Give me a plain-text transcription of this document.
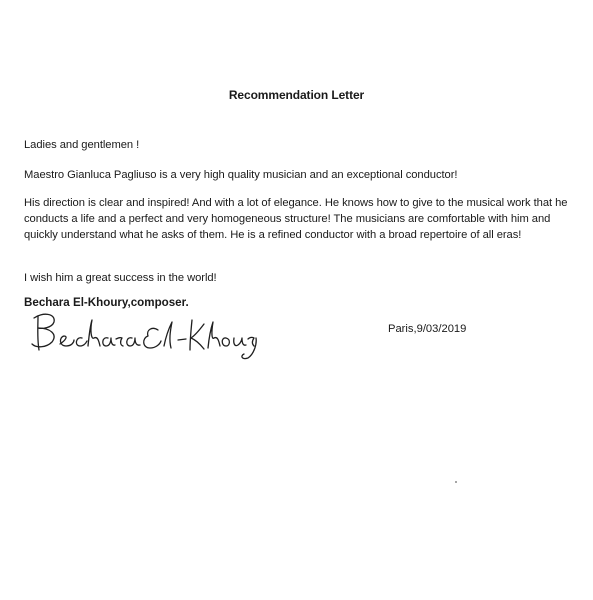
Recommendation Letter
Ladies and gentlemen !
Maestro Gianluca Pagliuso is a very high quality musician and an exceptional conductor!
His direction is clear and inspired! And with a lot of elegance. He knows how to give to the musical work that he conducts a life and a perfect and very homogeneous structure! The musicians are comfortable with him and quickly understand what he asks of them. He is a refined conductor with a broad repertoire of all eras!
I wish him a great success in the world!
Bechara El-Khoury,composer.
Paris,9/03/2019
